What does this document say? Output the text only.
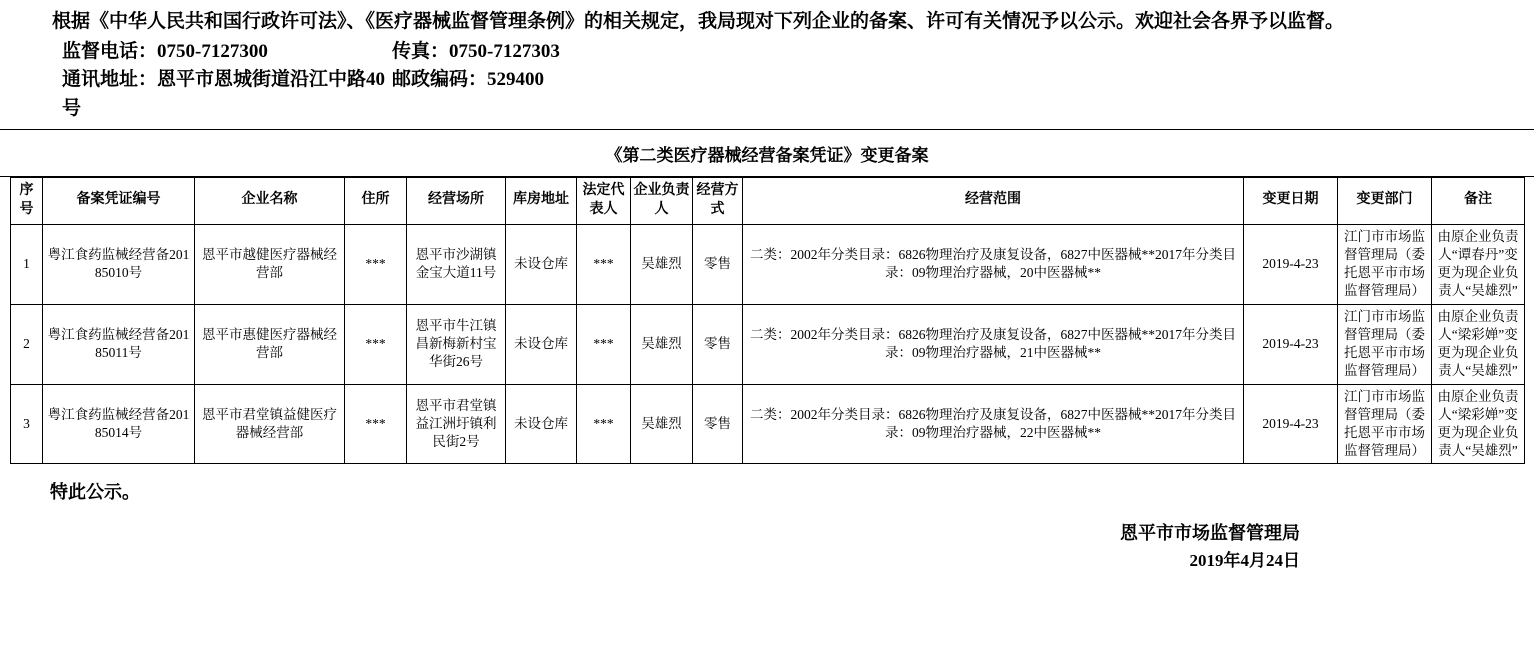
根据《中华人民共和国行政许可法》、《医疗器械监督管理条例》的相关规定，我局现对下列企业的备案、许可有关情况予以公示。欢迎社会各界予以监督。

监督电话：0750-7127300	传真：0750-7127303

通讯地址：恩平市恩城街道沿江中路40号
邮政编码：529400

《第二类医疗器械经营备案凭证》变更备案
序号	备案凭证编号	企业名称	住所	经营场所	库房地址	法定代表人	企业负责人	经营方式	经营范围	变更日期	变更部门	备注
1	粤江食药监械经营备20185010号	恩平市越健医疗器械经营部	***	恩平市沙湖镇金宝大道11号	未设仓库	***	吴雄烈	零售	二类：2002年分类目录：6826物理治疗及康复设备，6827中医器械**2017年分类目录：09物理治疗器械，20中医器械**	2019-4-23	江门市市场监督管理局（委托恩平市市场监督管理局）	由原企业负责人“谭春丹”变更为现企业负责人“吴雄烈”
2	粤江食药监械经营备20185011号	恩平市惠健医疗器械经营部	***	恩平市牛江镇昌新梅新村宝华街26号	未设仓库	***	吴雄烈	零售	二类：2002年分类目录：6826物理治疗及康复设备，6827中医器械**2017年分类目录：09物理治疗器械，21中医器械**	2019-4-23	江门市市场监督管理局（委托恩平市市场监督管理局）	由原企业负责人“梁彩婵”变更为现企业负责人“吴雄烈”
3	粤江食药监械经营备20185014号	恩平市君堂镇益健医疗器械经营部	***	恩平市君堂镇益江洲圩镇利民街2号	未设仓库	***	吴雄烈	零售	二类：2002年分类目录：6826物理治疗及康复设备，6827中医器械**2017年分类目录：09物理治疗器械，22中医器械**	2019-4-23	江门市市场监督管理局（委托恩平市市场监督管理局）	由原企业负责人“梁彩婵”变更为现企业负责人“吴雄烈”

特此公示。

恩平市市场监督管理局
2019年4月24日
